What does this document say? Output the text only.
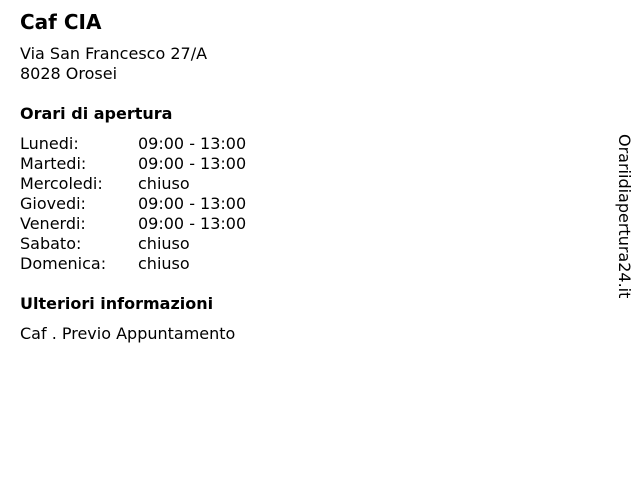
Caf CIA
Via San Francesco 27/A
8028 Orosei
Orari di apertura
Lunedi:	09:00 - 13:00
Martedi:	09:00 - 13:00
Mercoledi:	chiuso
Giovedi:	09:00 - 13:00
Venerdi:	09:00 - 13:00
Sabato:	chiuso
Domenica:	chiuso
Ulteriori informazioni
Caf . Previo Appuntamento
Orariidiapertura24.it
